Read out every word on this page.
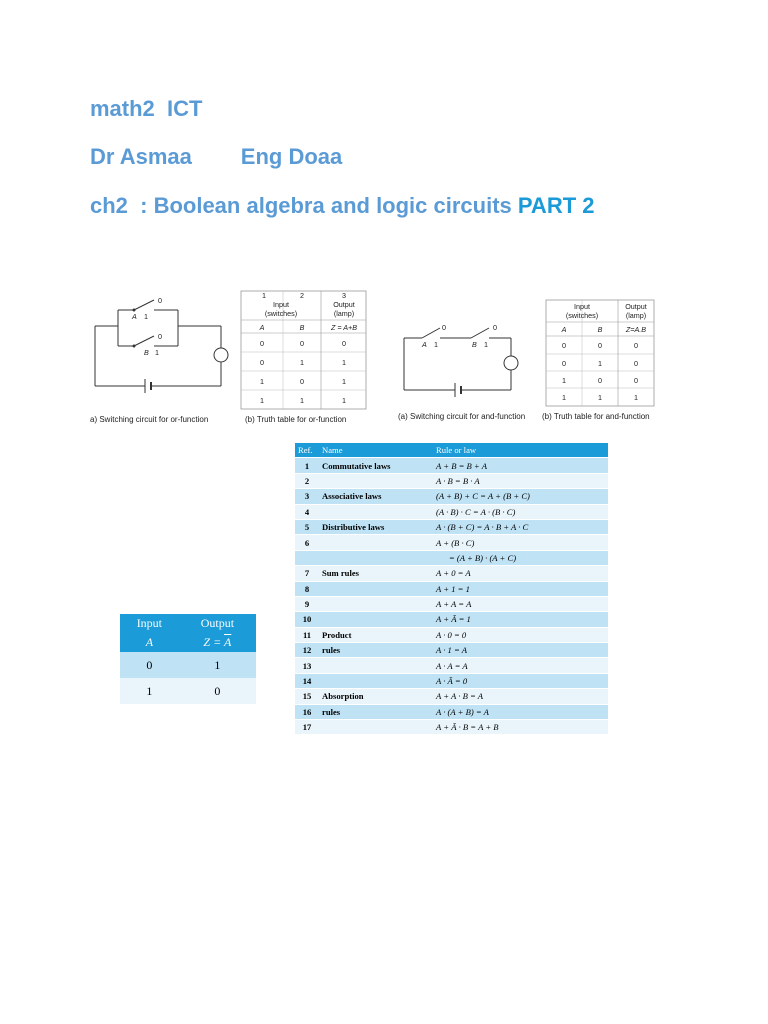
math2  ICT
Dr Asmaa        Eng Doaa
ch2  : Boolean algebra and logic circuits PART 2
0
A 1
0
B 1
1	2	3
Input
(switches)
Output
(lamp)
A	B	Z = A+B
0	0	0
0	1	1
1	0	1
1	1	1
a) Switching circuit for or-function	(b) Truth table for or-function
0
A 1
0
B 1
Input
(switches)
Output
(lamp)
A	B	Z=A.B
0	0	0
0	1	0
1	0	0
1	1	1
(a) Switching circuit for and-function (b) Truth table for and-function
Ref.	Name	Rule or law
1	Commutative laws	A + B = B + A
2		A · B = B · A
3	Associative laws	(A + B) + C = A + (B + C)
4		(A · B) · C = A · (B · C)
5	Distributive laws	A · (B + C) = A · B + A · C
6		A + (B · C)
		= (A + B) · (A + C)
7	Sum rules	A + 0 = A
8		A + 1 = 1
9		A + A = A
10		A + Ā = 1
11	Product	A · 0 = 0
12	rules	A · 1 = A
13		A · A = A
14		A · Ā = 0
15	Absorption	A + A · B = A
16	rules	A · (A + B) = A
17		A + Ā · B = A + B
Input	Output
A	$Z = \overline{A}$
0	1
1	0
